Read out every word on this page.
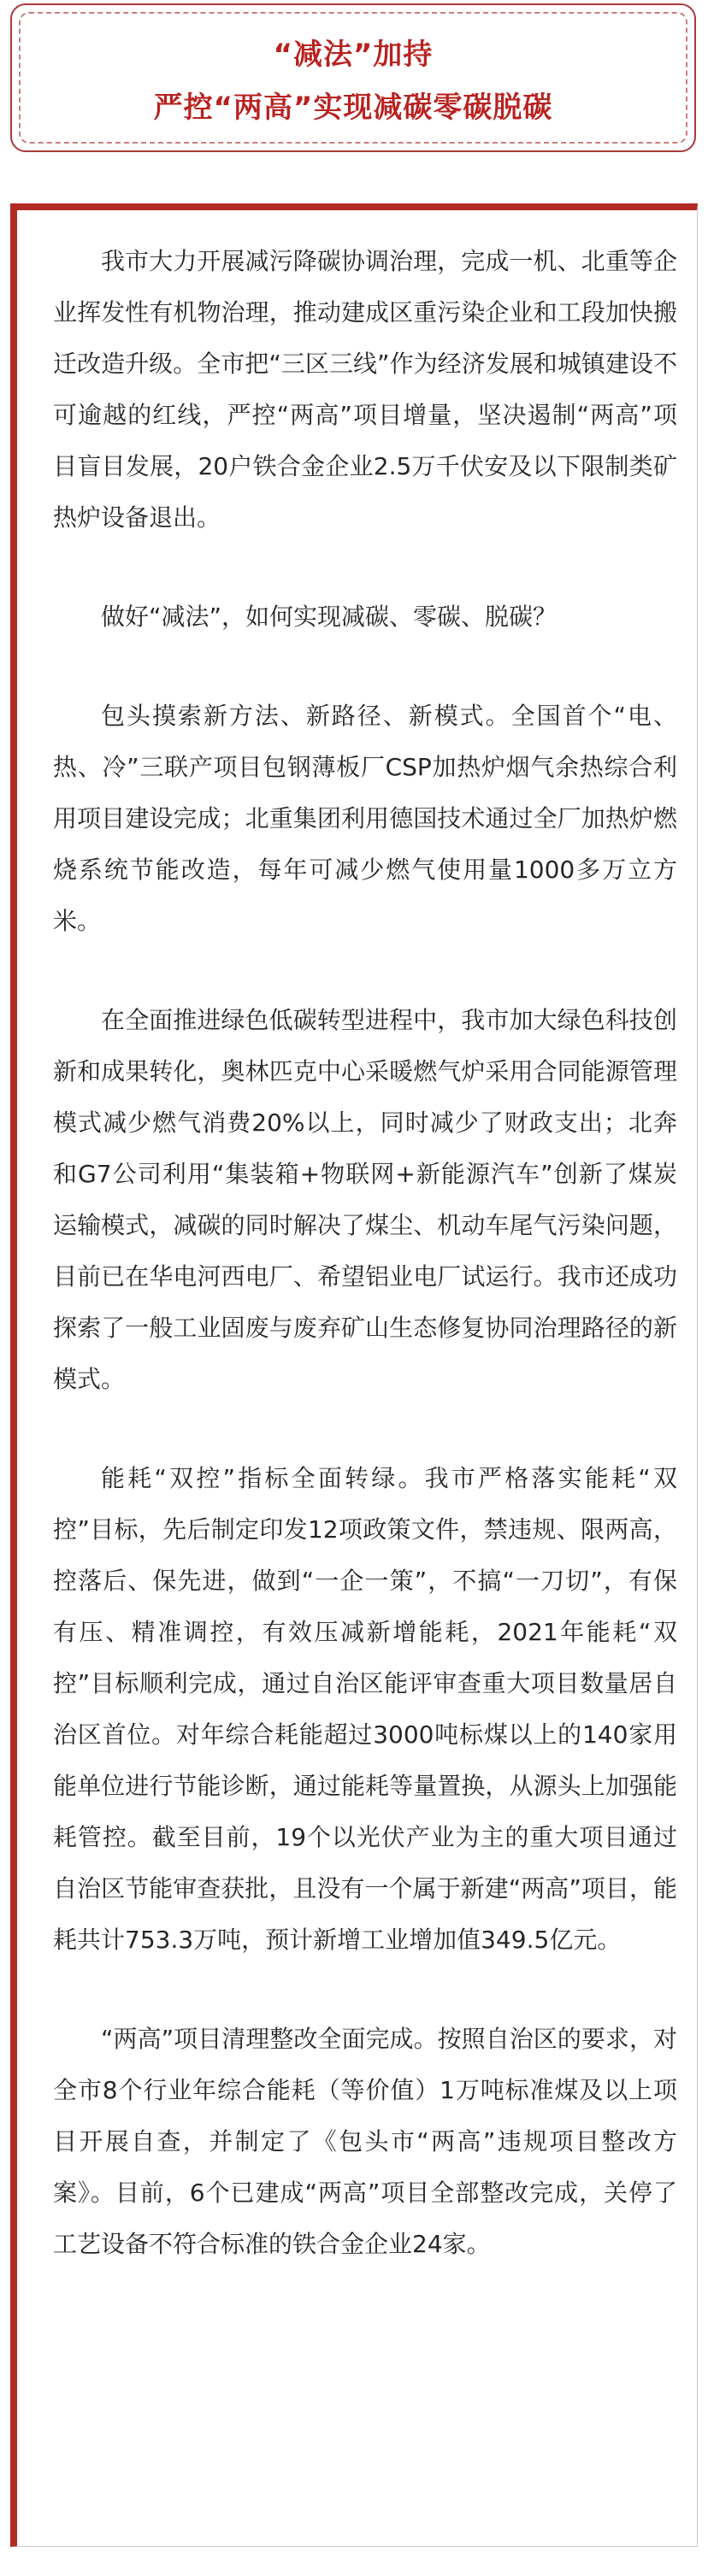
“减法”加持
严控“两高”实现减碳零碳脱碳

我市大力开展减污降碳协调治理，完成一机、北重等企业挥发性有机物治理，推动建成区重污染企业和工段加快搬迁改造升级。全市把“三区三线”作为经济发展和城镇建设不可逾越的红线，严控“两高”项目增量，坚决遏制“两高”项目盲目发展，20户铁合金企业2.5万千伏安及以下限制类矿热炉设备退出。

做好“减法”，如何实现减碳、零碳、脱碳？

包头摸索新方法、新路径、新模式。全国首个“电、热、冷”三联产项目包钢薄板厂CSP加热炉烟气余热综合利用项目建设完成；北重集团利用德国技术通过全厂加热炉燃烧系统节能改造，每年可减少燃气使用量1000多万立方米。

在全面推进绿色低碳转型进程中，我市加大绿色科技创新和成果转化，奥林匹克中心采暖燃气炉采用合同能源管理模式减少燃气消费20%以上，同时减少了财政支出；北奔和G7公司利用“集装箱+物联网+新能源汽车”创新了煤炭运输模式，减碳的同时解决了煤尘、机动车尾气污染问题，目前已在华电河西电厂、希望铝业电厂试运行。我市还成功探索了一般工业固废与废弃矿山生态修复协同治理路径的新模式。

能耗“双控”指标全面转绿。我市严格落实能耗“双控”目标，先后制定印发12项政策文件，禁违规、限两高，控落后、保先进，做到“一企一策”，不搞“一刀切”，有保有压、精准调控，有效压减新增能耗，2021年能耗“双控”目标顺利完成，通过自治区能评审查重大项目数量居自治区首位。对年综合耗能超过3000吨标煤以上的140家用能单位进行节能诊断，通过能耗等量置换，从源头上加强能耗管控。截至目前，19个以光伏产业为主的重大项目通过自治区节能审查获批，且没有一个属于新建“两高”项目，能耗共计753.3万吨，预计新增工业增加值349.5亿元。

“两高”项目清理整改全面完成。按照自治区的要求，对全市8个行业年综合能耗（等价值）1万吨标准煤及以上项目开展自查，并制定了《包头市“两高”违规项目整改方案》。目前，6个已建成“两高”项目全部整改完成，关停了工艺设备不符合标准的铁合金企业24家。
